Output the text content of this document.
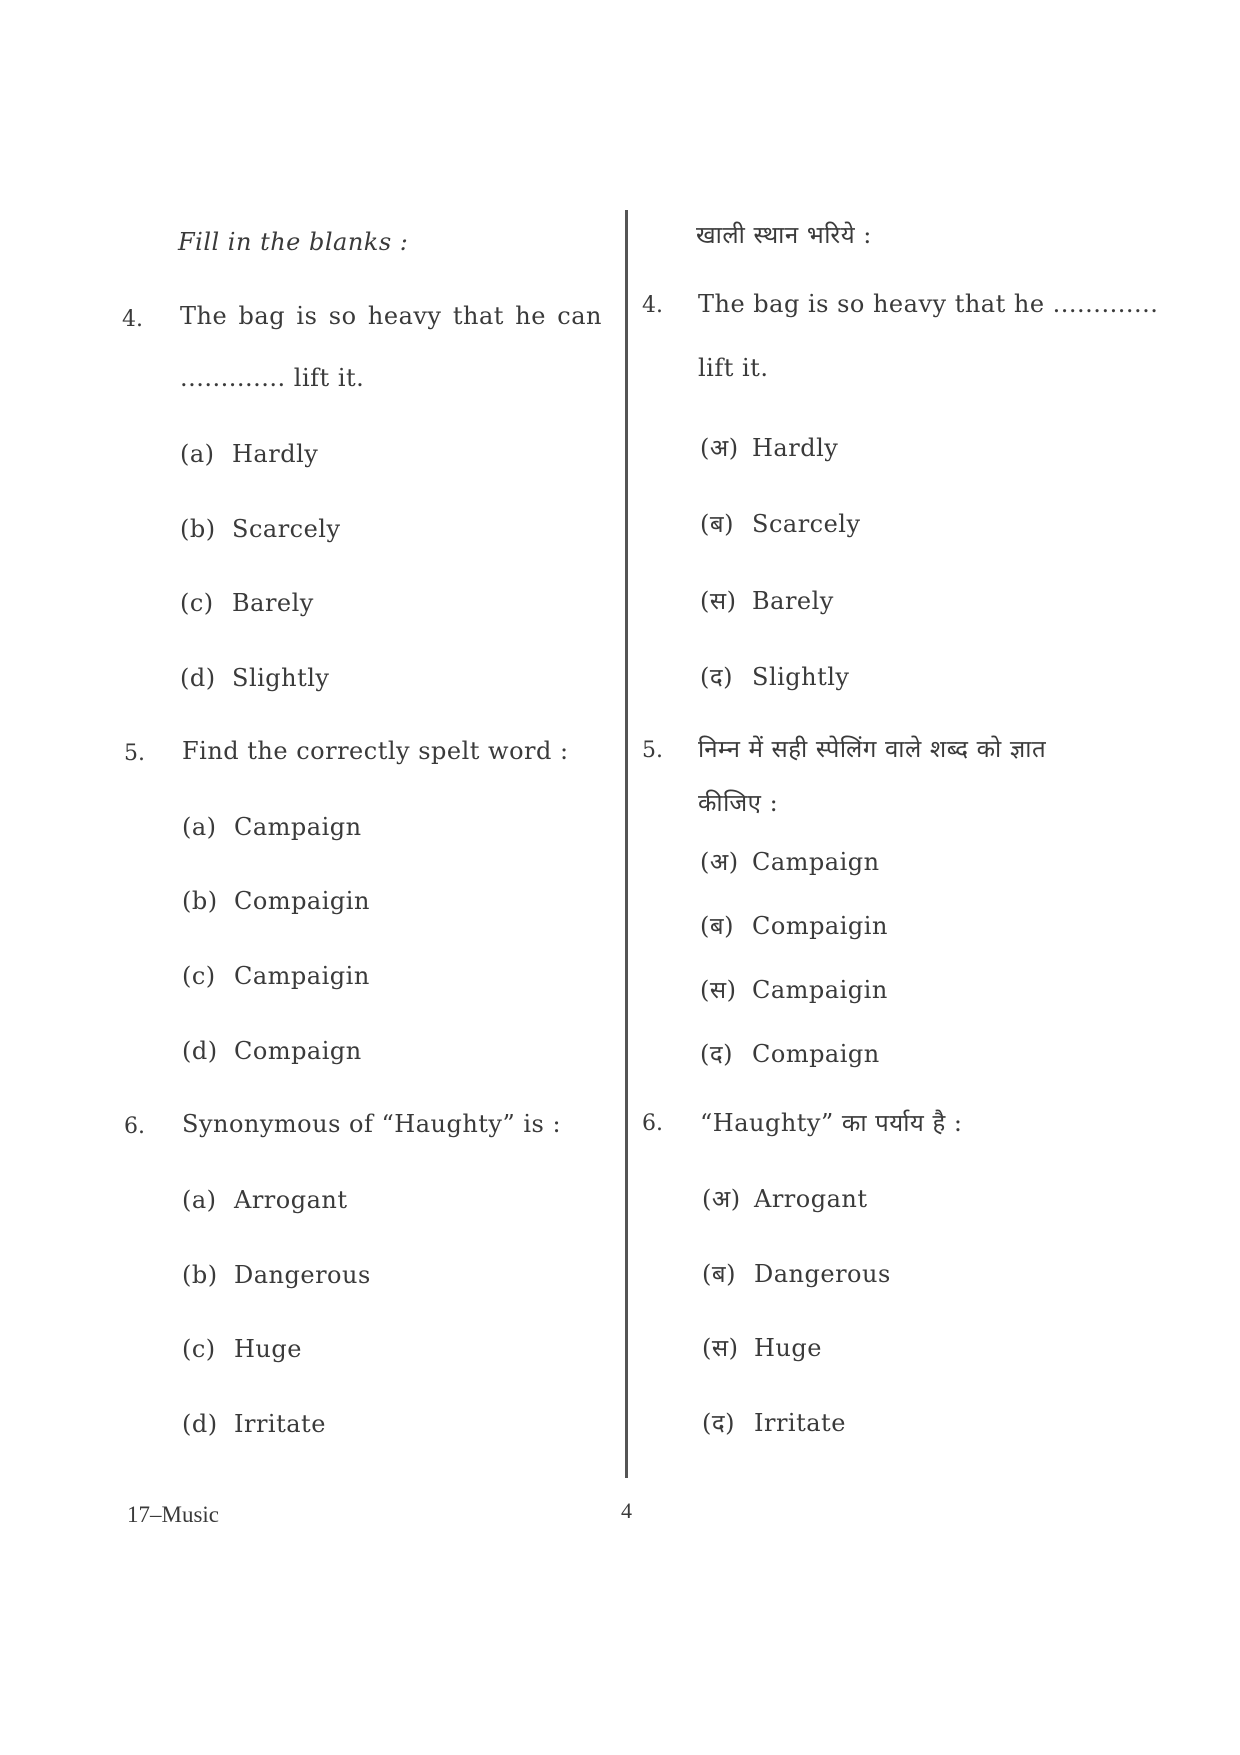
Fill in the blanks :
4. The bag is so heavy that he can
............. lift it.
(a) Hardly
(b) Scarcely
(c) Barely
(d) Slightly
5. Find the correctly spelt word :
(a) Campaign
(b) Compaigin
(c) Campaigin
(d) Compaign
6. Synonymous of “Haughty” is :
(a) Arrogant
(b) Dangerous
(c) Huge
(d) Irritate
खाली स्थान भरिये :
4. The bag is so heavy that he .............
lift it.
(अ) Hardly
(ब) Scarcely
(स) Barely
(द) Slightly
5. निम्न में सही स्पेलिंग वाले शब्द को ज्ञात
कीजिए :
(अ) Campaign
(ब) Compaigin
(स) Campaigin
(द) Compaign
6. “Haughty” का पर्याय है :
(अ) Arrogant
(ब) Dangerous
(स) Huge
(द) Irritate
17–Music	4
